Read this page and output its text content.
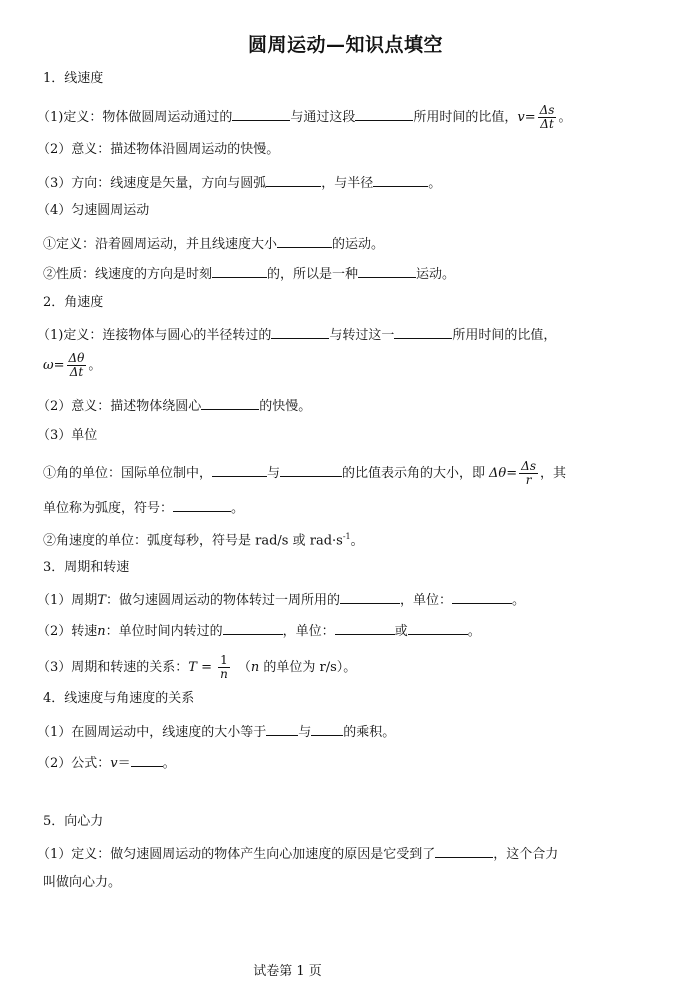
圆周运动—知识点填空
1．线速度
（1)定义：物体做圆周运动通过的	与通过这段	所用时间的比值，$v= \frac{\Delta s}{\Delta t}$ 。
（2）意义：描述物体沿圆周运动的快慢。
（3）方向：线速度是矢量，方向与圆弧	，与半径	。
（4）匀速圆周运动
①定义：沿着圆周运动，并且线速度大小	的运动。
②性质：线速度的方向是时刻	的，所以是一种	运动。
2．角速度
（1)定义：连接物体与圆心的半径转过的	与转过这一	所用时间的比值，
$\omega= \frac{\Delta\theta}{\Delta t}$ 。
（2）意义：描述物体绕圆心	的快慢。
（3）单位
①角的单位：国际单位制中，	与	的比值表示角的大小，即 $\Delta\theta= \frac{\Delta s}{r}$ ，其
单位称为弧度，符号：	。
②角速度的单位：弧度每秒，符号是 rad/s 或 $rad\cdot s^{-1}$。
3．周期和转速
（1）周期T：做匀速圆周运动的物体转过一周所用的	，单位：	。
（2）转速n：单位时间内转过的	，单位：	或	。
（3）周期和转速的关系：$T = \frac{1}{n} (n$ 的单位为 r/s）。
4．线速度与角速度的关系
（1）在圆周运动中，线速度的大小等于 与 的乘积。
（2）公式：v＝ 。
5．向心力
（1）定义：做匀速圆周运动的物体产生向心加速度的原因是它受到了	，这个合力
叫做向心力。
试卷第 1 页
